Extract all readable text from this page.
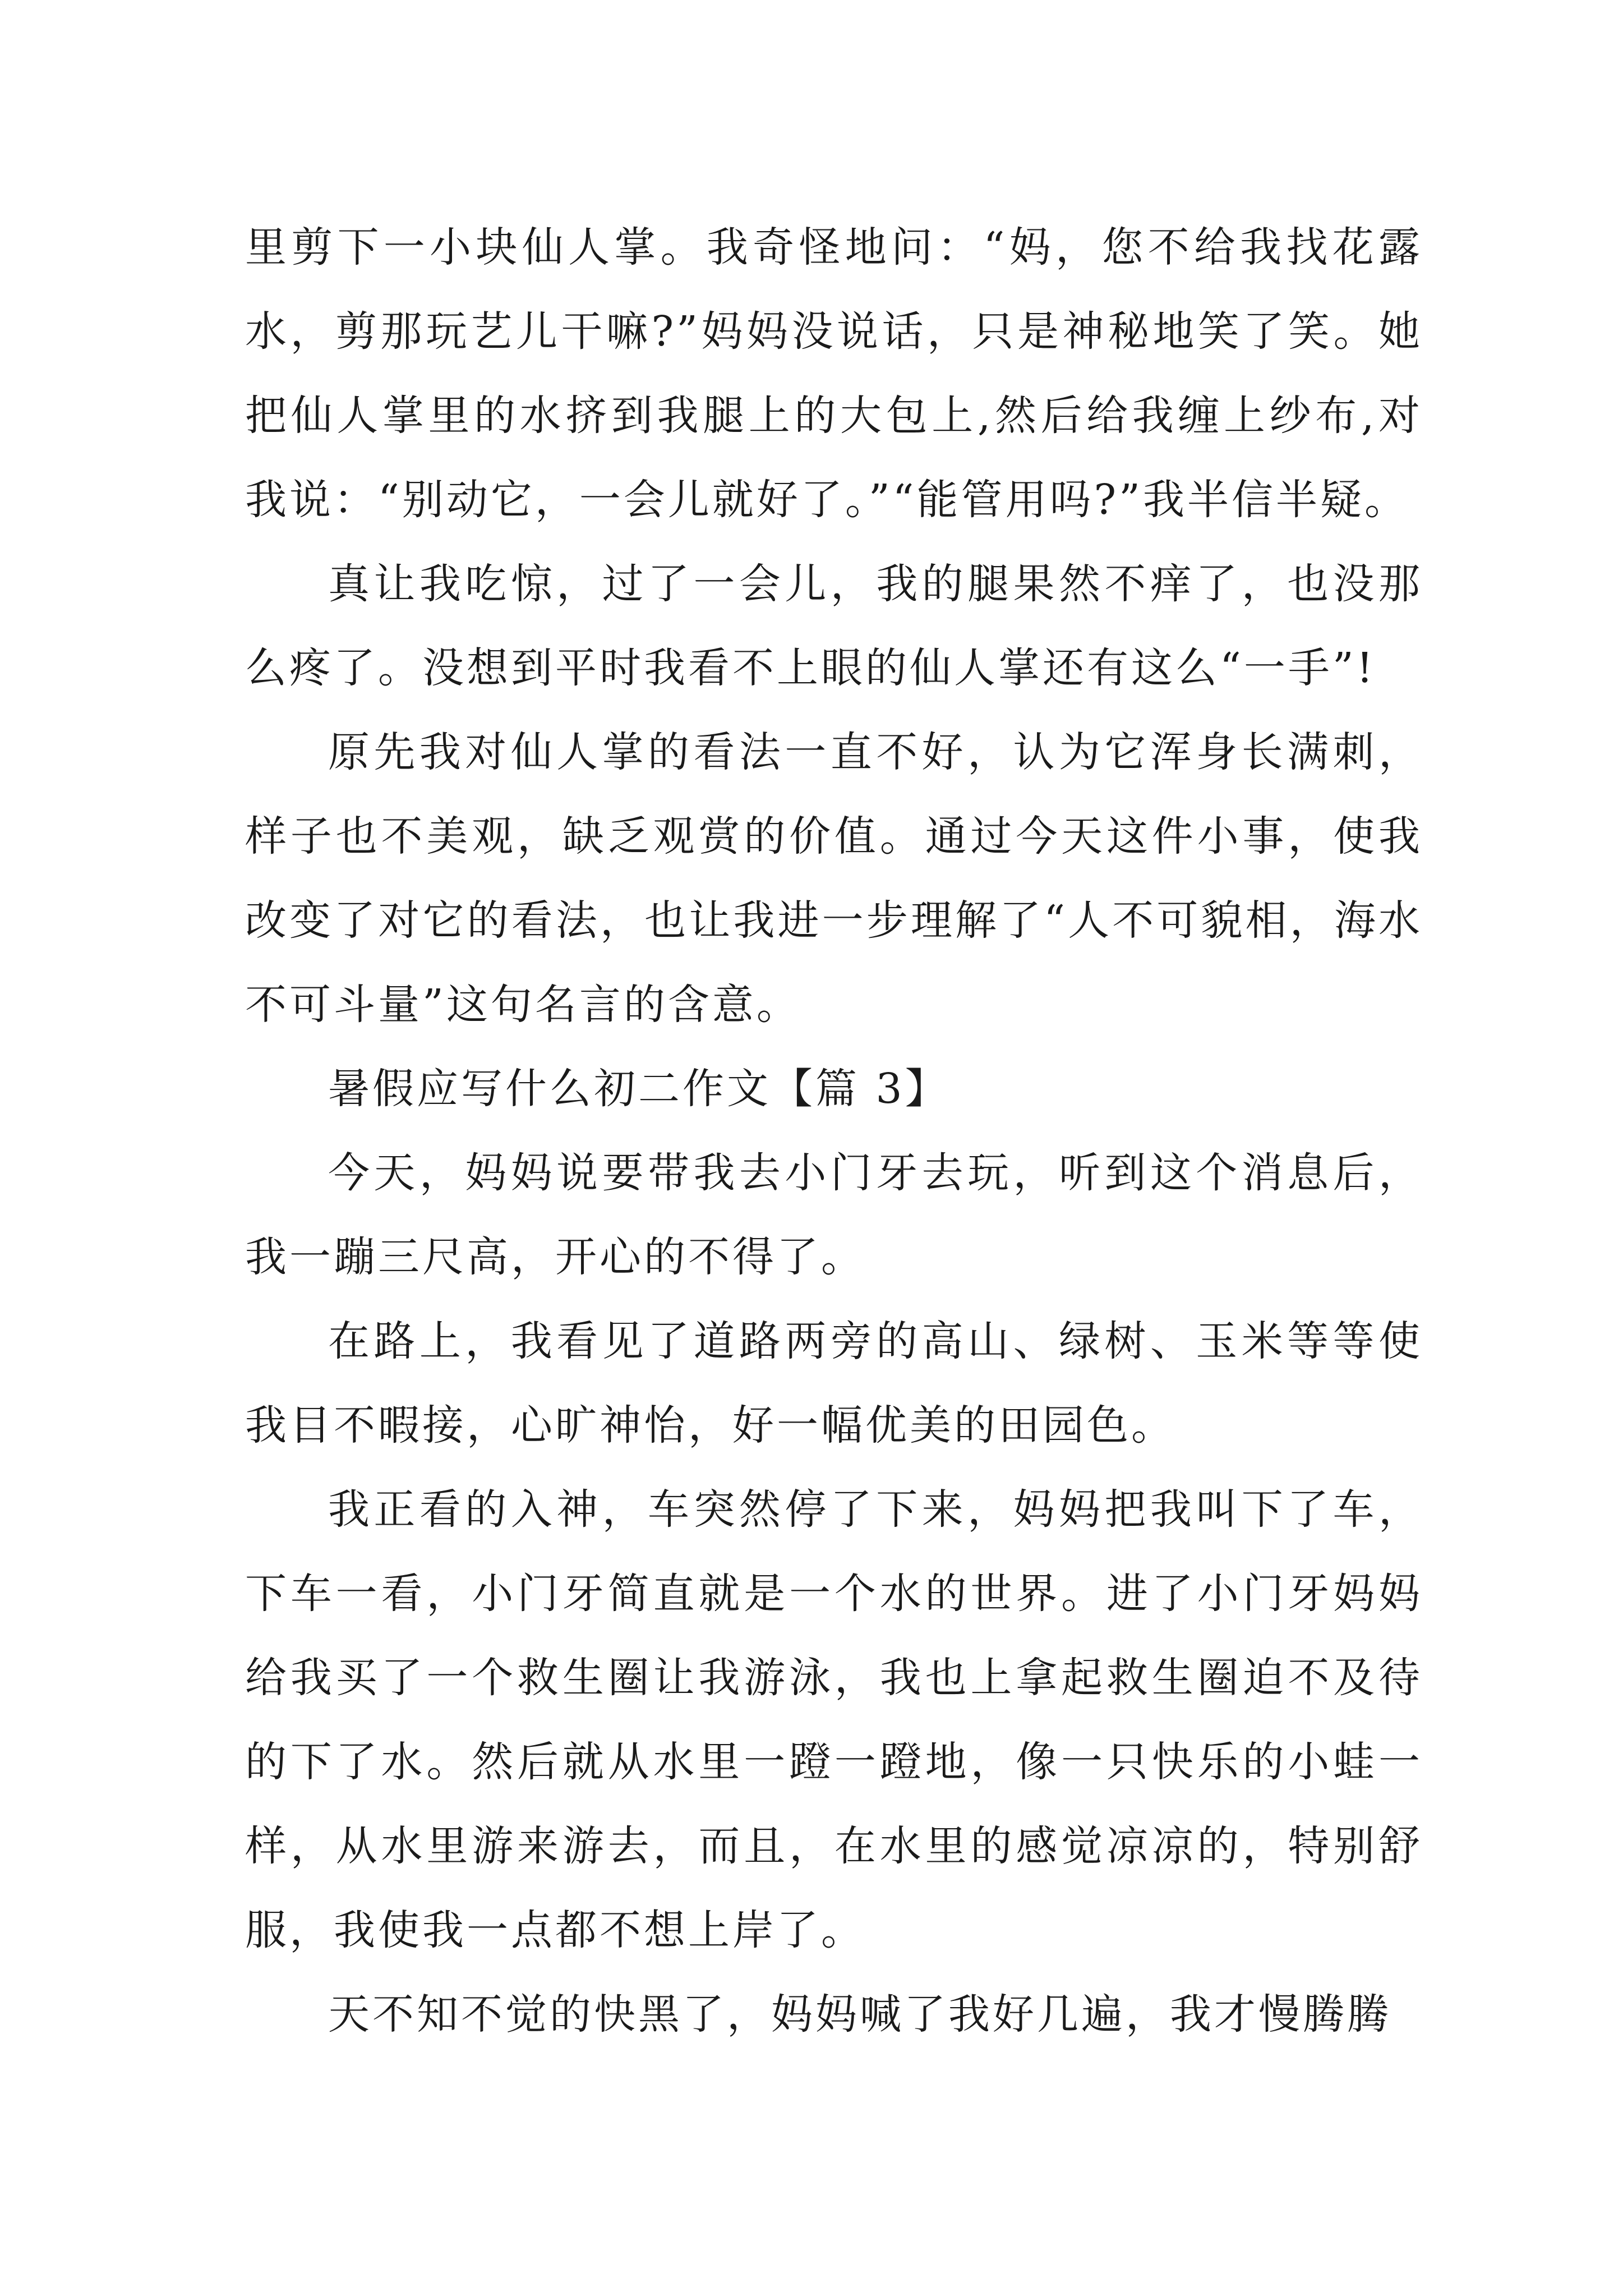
里剪下一小块仙人掌。我奇怪地问：“妈，您不给我找花露水，剪那玩艺儿干嘛?”妈妈没说话，只是神秘地笑了笑。她把仙人掌里的水挤到我腿上的大包上,然后给我缠上纱布,对我说：“别动它，一会儿就好了。”“能管用吗?”我半信半疑。

真让我吃惊，过了一会儿，我的腿果然不痒了，也没那么疼了。没想到平时我看不上眼的仙人掌还有这么“一手”!

原先我对仙人掌的看法一直不好，认为它浑身长满刺，样子也不美观，缺乏观赏的价值。通过今天这件小事，使我改变了对它的看法，也让我进一步理解了“人不可貌相，海水不可斗量”这句名言的含意。

暑假应写什么初二作文【篇 3】

今天，妈妈说要带我去小门牙去玩，听到这个消息后，我一蹦三尺高，开心的不得了。

在路上，我看见了道路两旁的高山、绿树、玉米等等使我目不暇接，心旷神怡，好一幅优美的田园色。

我正看的入神，车突然停了下来，妈妈把我叫下了车，下车一看，小门牙简直就是一个水的世界。进了小门牙妈妈给我买了一个救生圈让我游泳，我也上拿起救生圈迫不及待的下了水。然后就从水里一蹬一蹬地，像一只快乐的小蛙一样，从水里游来游去，而且，在水里的感觉凉凉的，特别舒服，我使我一点都不想上岸了。

天不知不觉的快黑了，妈妈喊了我好几遍，我才慢腾腾
